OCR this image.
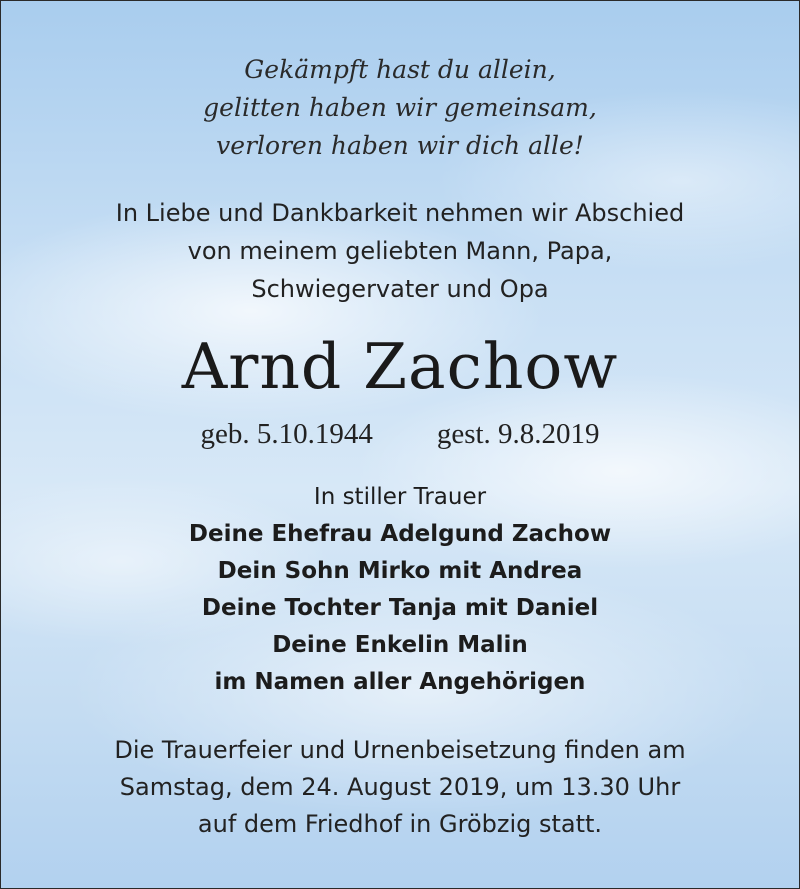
Gekämpft hast du allein,

gelitten haben wir gemeinsam,

verloren haben wir dich alle!

In Liebe und Dankbarkeit nehmen wir Abschied

von meinem geliebten Mann, Papa,

Schwiegervater und Opa

Arnd Zachow
geb. 5.10.1944 gest. 9.8.2019

In stiller Trauer

Deine Ehefrau Adelgund Zachow

Dein Sohn Mirko mit Andrea

Deine Tochter Tanja mit Daniel

Deine Enkelin Malin

im Namen aller Angehörigen

Die Trauerfeier und Urnenbeisetzung finden am

Samstag, dem 24. August 2019, um 13.30 Uhr

auf dem Friedhof in Gröbzig statt.
